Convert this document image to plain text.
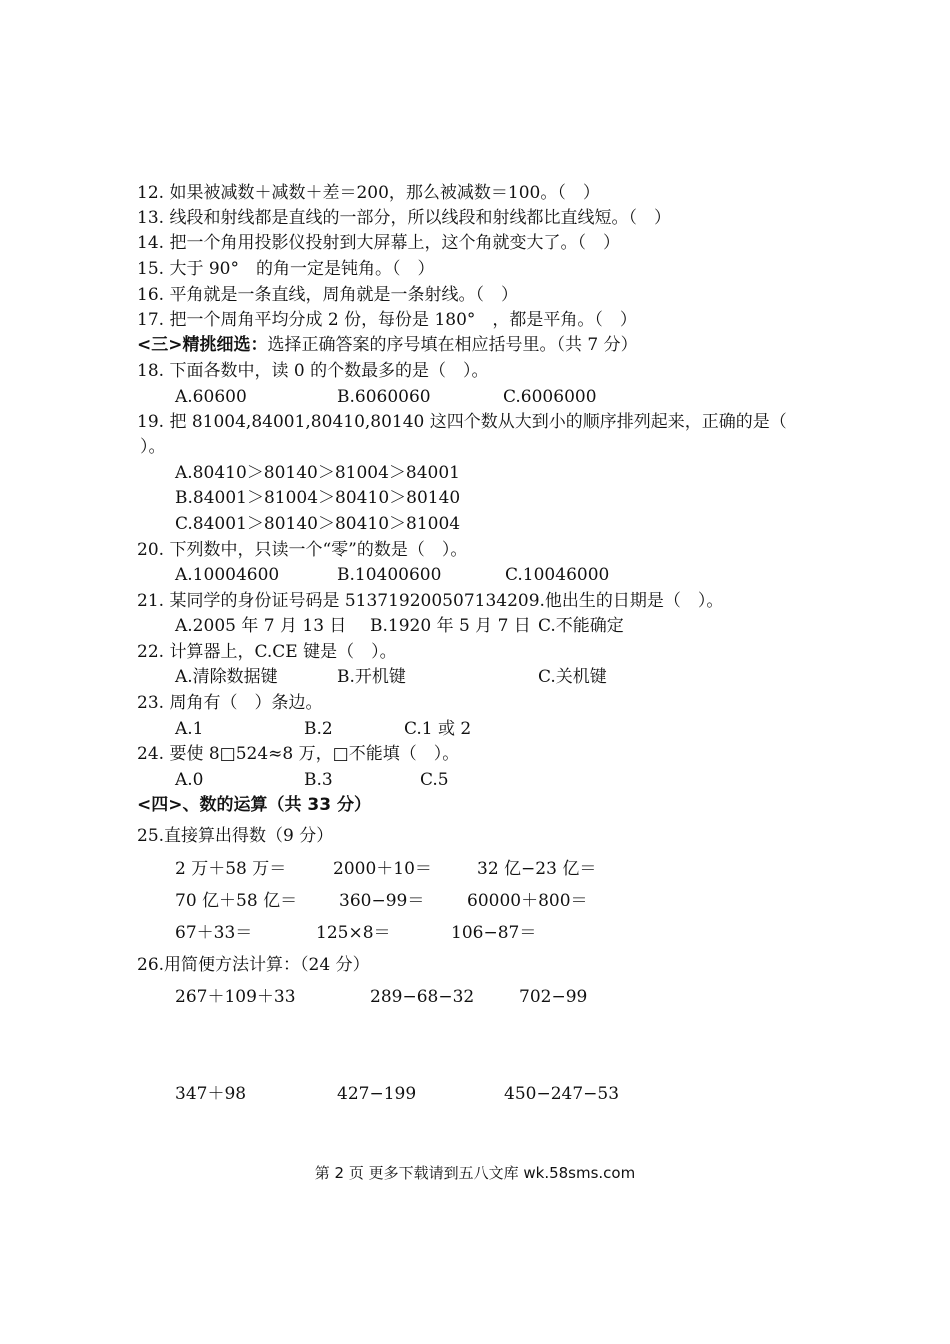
12. 如果被减数＋减数＋差＝200，那么被减数＝100。（　）
13. 线段和射线都是直线的一部分，所以线段和射线都比直线短。（　）
14. 把一个角用投影仪投射到大屏幕上，这个角就变大了。（　）
15. 大于 90°　的角一定是钝角。（　）
16. 平角就是一条直线，周角就是一条射线。（　）
17. 把一个周角平均分成 2 份，每份是 180°　，都是平角。（　）
<三>精挑细选：选择正确答案的序号填在相应括号里。（共 7 分）
18. 下面各数中，读 0 的个数最多的是（　）。
A.60600	B.6060060	C.6006000
19. 把 81004,84001,80410,80140 这四个数从大到小的顺序排列起来，正确的是（
）。
A.80410＞80140＞81004＞84001
B.84001＞81004＞80410＞80140
C.84001＞80140＞80410＞81004
20. 下列数中，只读一个“零”的数是（　）。
A.10004600	B.10400600	C.10046000
21. 某同学的身份证号码是 513719200507134209.他出生的日期是（　）。
A.2005 年 7 月 13 日 B.1920 年 5 月 7 日 C.不能确定
22. 计算器上，C.CE 键是（　）。
A.清除数据键	B.开机键	C.关机键
23. 周角有（　）条边。
A.1	B.2	C.1 或 2
24. 要使 8□524≈8 万，□不能填（　）。
A.0	B.3	C.5
<四>、数的运算（共 33 分）
25.直接算出得数（9 分）
2 万＋58 万＝	2000＋10＝	32 亿−23 亿＝
70 亿＋58 亿＝ 360−99＝	60000＋800＝
67＋33＝	125×8＝	106−87＝
26.用简便方法计算：（24 分）
267＋109＋33	289−68−32	702−99
347＋98	427−199	450−247−53
第 2 页 更多下载请到五八文库 wk.58sms.com
